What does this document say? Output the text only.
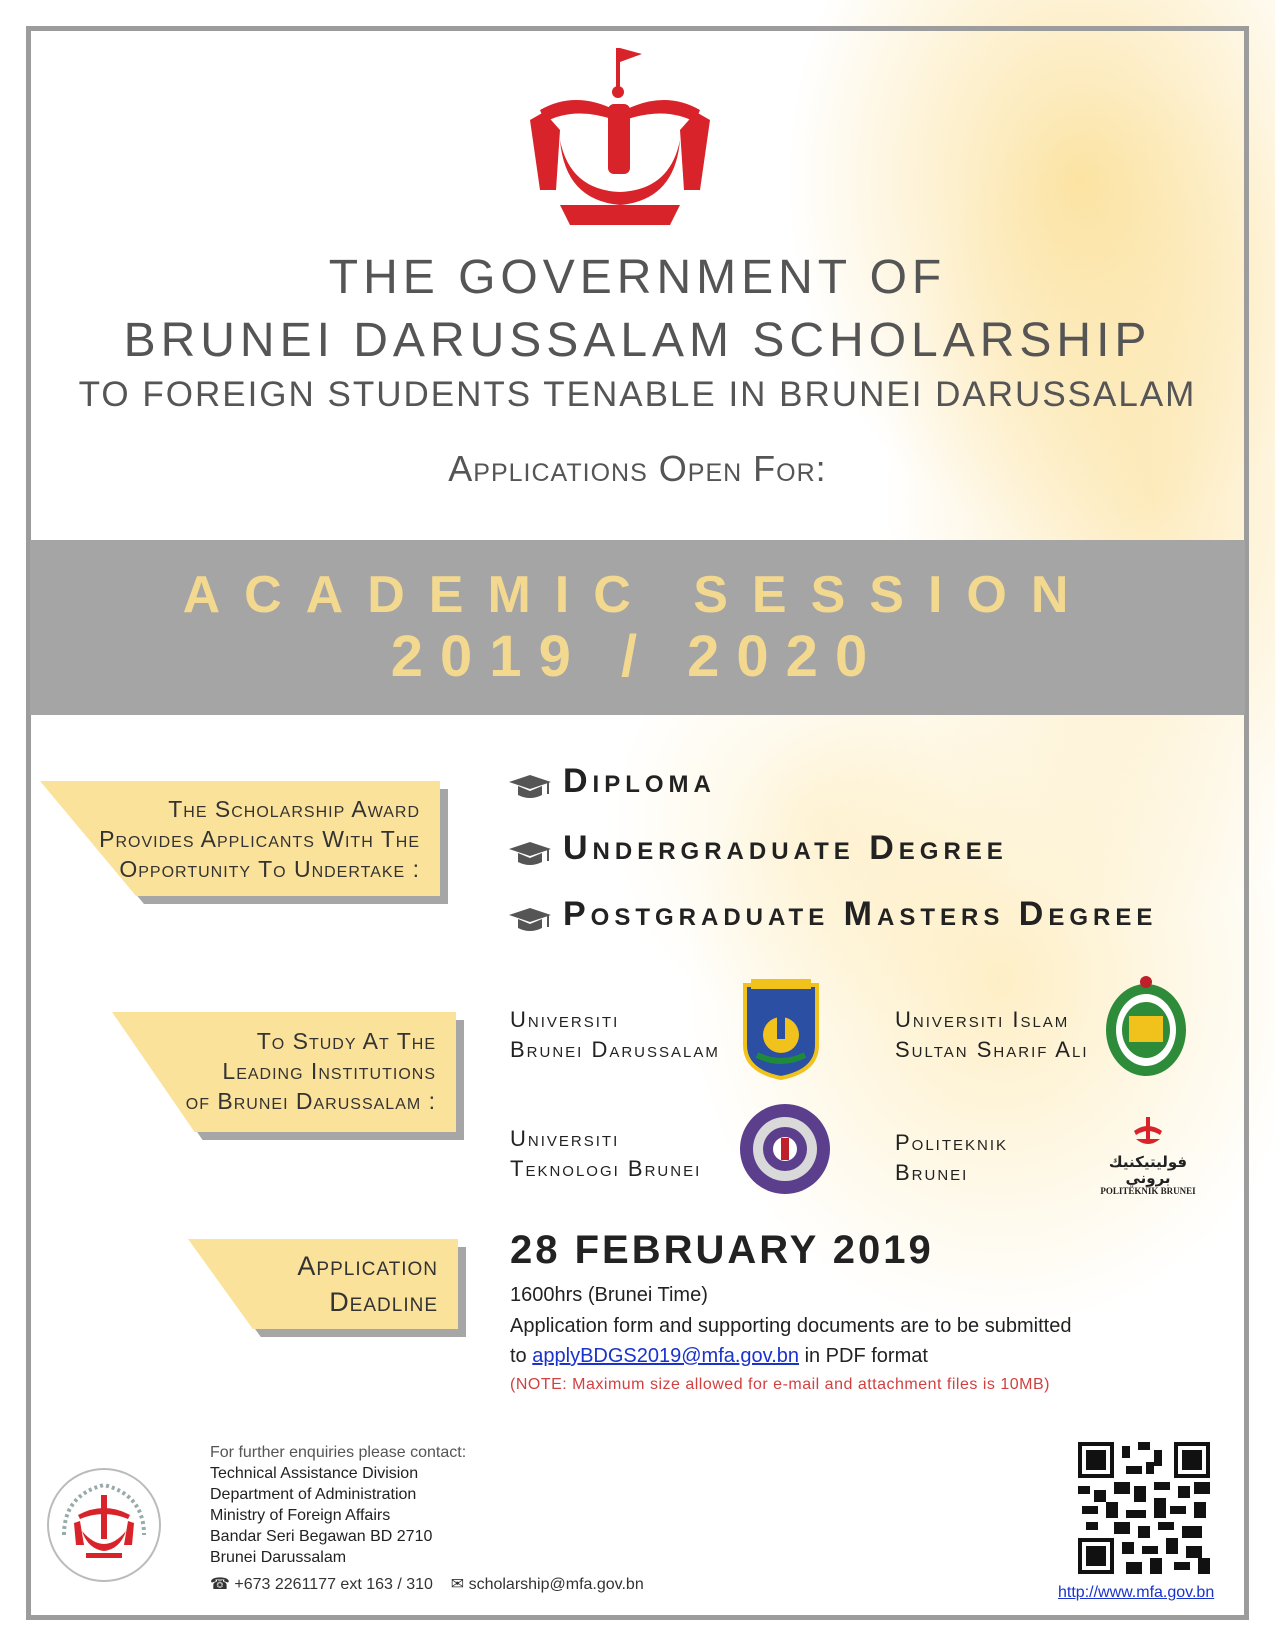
THE GOVERNMENT OF
BRUNEI DARUSSALAM SCHOLARSHIP
TO FOREIGN STUDENTS TENABLE IN BRUNEI DARUSSALAM
Applications Open For:
ACADEMIC SESSION
2019 / 2020
The Scholarship Award
Provides Applicants With The
Opportunity To Undertake :
Diploma
Undergraduate Degree
Postgraduate Masters Degree
To Study At The
Leading Institutions
of Brunei Darussalam :
Universiti
Brunei Darussalam
Universiti Islam
Sultan Sharif Ali
Universiti
Teknologi Brunei
Politeknik
Brunei	فوليتيكنيك بروني
POLITEKNIK BRUNEI
Application
Deadline
28 FEBRUARY 2019
1600hrs (Brunei Time)
Application form and supporting documents are to be submitted
to applyBDGS2019@mfa.gov.bn in PDF format
(NOTE: Maximum size allowed for e-mail and attachment files is 10MB)
For further enquiries please contact:
Technical Assistance Division
Department of Administration
Ministry of Foreign Affairs
Bandar Seri Begawan BD 2710
Brunei Darussalam
☎ +673 2261177 ext 163 / 310 ✉ scholarship@mfa.gov.bn	http://www.mfa.gov.bn
